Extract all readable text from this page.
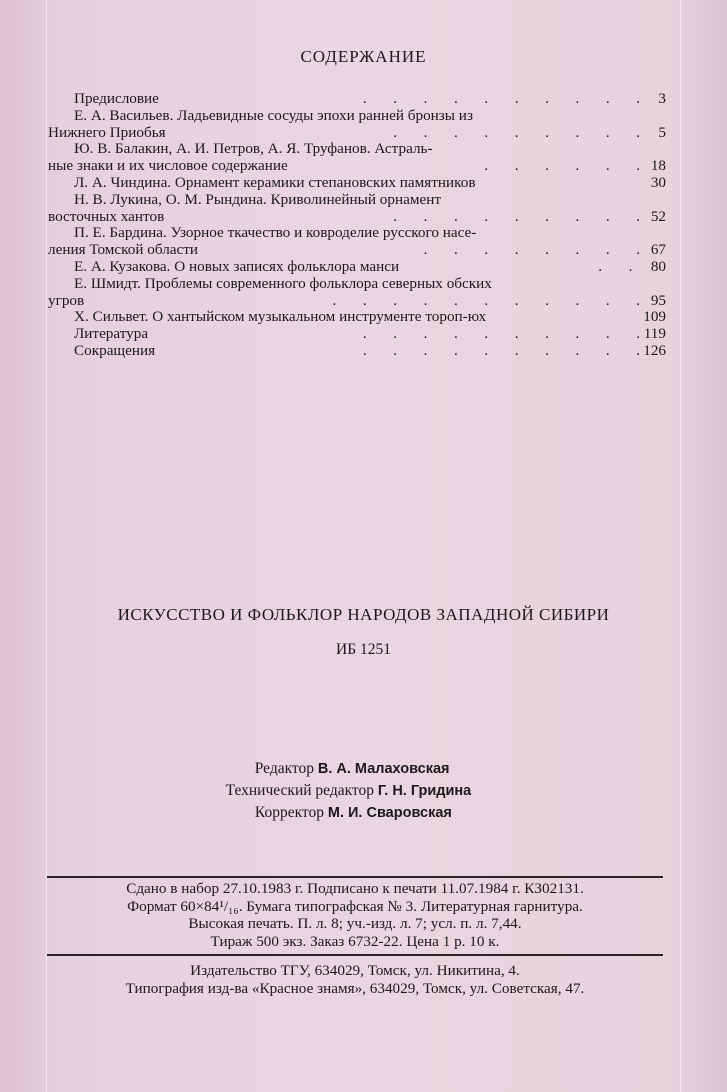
СОДЕРЖАНИЕ
Предисловие	.       .       .       .       .       .       .       .       .       . 3
Е. А. Васильев. Ладьевидные сосуды эпохи ранней бронзы из
Нижнего Приобья	.       .       .       .       .       .       .       .       . 5
Ю. В. Балакин, А. И. Петров, А. Я. Труфанов. Астраль-
ные знаки и их числовое содержание	.       .       .       .       .       . 18
Л. А. Чиндина. Орнамент керамики степановских памятников	30
Н. В. Лукина, О. М. Рындина. Криволинейный орнамент
восточных хантов	.       .       .       .       .       .       .       .       . 52
П. Е. Бардина. Узорное ткачество и ковроделие русского насе-
ления Томской области	.       .       .       .       .       .       .       . 67
Е. А. Кузакова. О новых записях фольклора манси	.       . 80
Е. Шмидт. Проблемы современного фольклора северных обских
угров	.       .       .       .       .       .       .       .       .       .       . 95
Х. Сильвет. О хантыйском музыкальном инструменте тороп-юх	109
Литература	.       .       .       .       .       .       .       .       .       . 119
Сокращения	.       .       .       .       .       .       .       .       .       . 126
ИСКУССТВО И ФОЛЬКЛОР НАРОДОВ ЗАПАДНОЙ СИБИРИ
ИБ 1251
Редактор В. А. Малаховская
Технический редактор Г. Н. Гридина
Корректор М. И. Сваровская
Сдано в набор 27.10.1983 г. Подписано к печати 11.07.1984 г. КЗ02131.
Формат 60×84¹/₁₆. Бумага типографская № 3. Литературная гарнитура.
Высокая печать. П. л. 8; уч.-изд. л. 7; усл. п. л. 7,44.
Тираж 500 экз. Заказ 6732-22. Цена 1 р. 10 к.
Издательство ТГУ, 634029, Томск, ул. Никитина, 4.
Типография изд-ва «Красное знамя», 634029, Томск, ул. Советская, 47.
